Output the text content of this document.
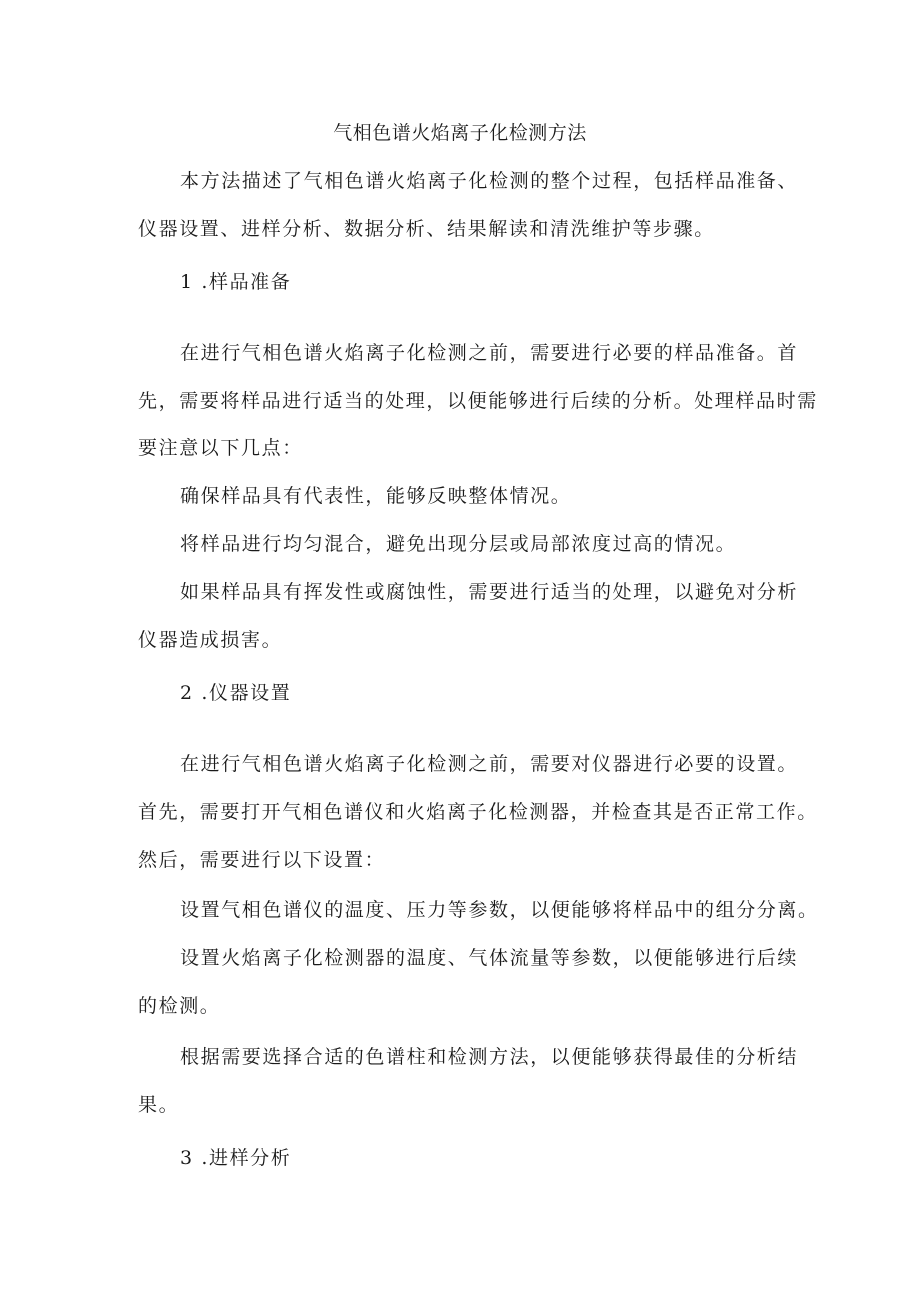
气相色谱火焰离子化检测方法
本方法描述了气相色谱火焰离子化检测的整个过程，包括样品准备、
仪器设置、进样分析、数据分析、结果解读和清洗维护等步骤。
1 .样品准备
在进行气相色谱火焰离子化检测之前，需要进行必要的样品准备。首
先，需要将样品进行适当的处理，以便能够进行后续的分析。处理样品时需
要注意以下几点：
确保样品具有代表性，能够反映整体情况。
将样品进行均匀混合，避免出现分层或局部浓度过高的情况。
如果样品具有挥发性或腐蚀性，需要进行适当的处理，以避免对分析
仪器造成损害。
2 .仪器设置
在进行气相色谱火焰离子化检测之前，需要对仪器进行必要的设置。
首先，需要打开气相色谱仪和火焰离子化检测器，并检查其是否正常工作。
然后，需要进行以下设置：
设置气相色谱仪的温度、压力等参数，以便能够将样品中的组分分离。
设置火焰离子化检测器的温度、气体流量等参数，以便能够进行后续
的检测。
根据需要选择合适的色谱柱和检测方法，以便能够获得最佳的分析结
果。
3 .进样分析
